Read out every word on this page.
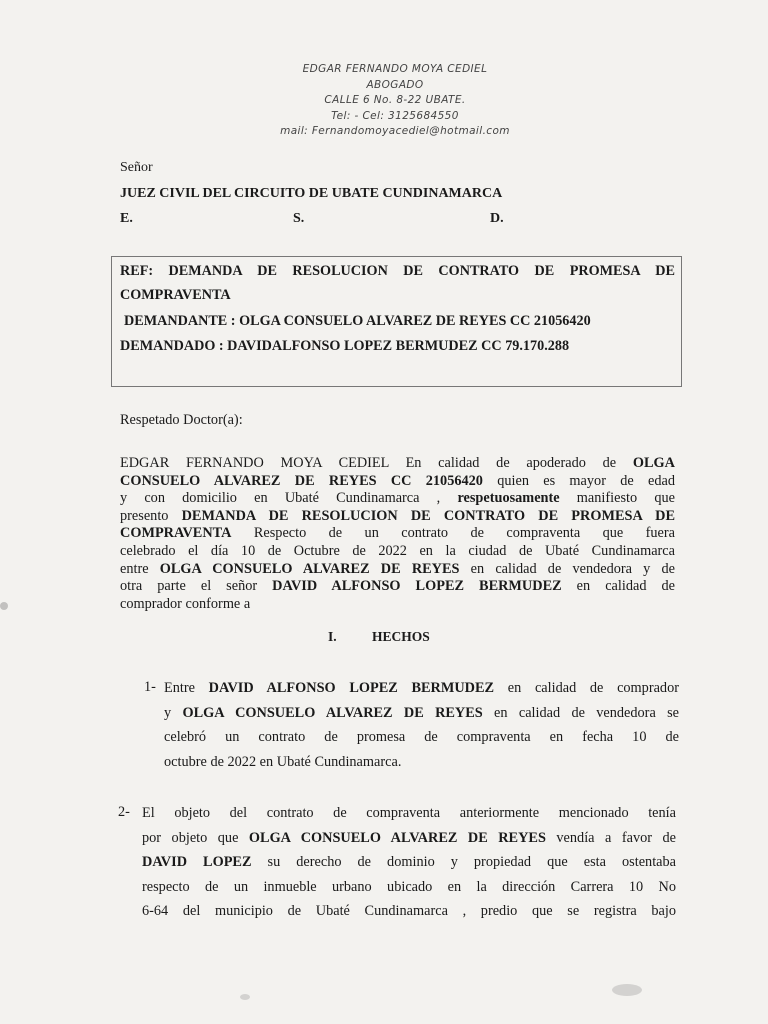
EDGAR FERNANDO MOYA CEDIEL
ABOGADO
CALLE 6 No. 8-22 UBATE.
Tel: - Cel: 3125684550
mail: Fernandomoyacediel@hotmail.com
Señor
JUEZ CIVIL DEL CIRCUITO DE UBATE CUNDINAMARCA
E.	S.	D.
REF: DEMANDA DE RESOLUCION DE CONTRATO DE PROMESA DE
COMPRAVENTA
DEMANDANTE : OLGA CONSUELO ALVAREZ DE REYES CC 21056420
DEMANDADO : DAVIDALFONSO LOPEZ BERMUDEZ CC 79.170.288
Respetado Doctor(a):
EDGAR FERNANDO MOYA CEDIEL En calidad de apoderado de OLGA
CONSUELO ALVAREZ DE REYES CC 21056420 quien es mayor de edad
y con domicilio en Ubaté Cundinamarca , respetuosamente manifiesto que
presento DEMANDA DE RESOLUCION DE CONTRATO DE PROMESA DE
COMPRAVENTA Respecto de un contrato de compraventa que fuera
celebrado el día 10 de Octubre de 2022 en la ciudad de Ubaté Cundinamarca
entre OLGA CONSUELO ALVAREZ DE REYES en calidad de vendedora y de
otra parte el señor DAVID ALFONSO LOPEZ BERMUDEZ en calidad de
comprador conforme a
I.	HECHOS
1- Entre DAVID ALFONSO LOPEZ BERMUDEZ en calidad de comprador
y OLGA CONSUELO ALVAREZ DE REYES en calidad de vendedora se
celebró un contrato de promesa de compraventa en fecha 10 de
octubre de 2022 en Ubaté Cundinamarca.
2- El objeto del contrato de compraventa anteriormente mencionado tenía
por objeto que OLGA CONSUELO ALVAREZ DE REYES vendía a favor de
DAVID LOPEZ su derecho de dominio y propiedad que esta ostentaba
respecto de un inmueble urbano ubicado en la dirección Carrera 10 No
6-64 del municipio de Ubaté Cundinamarca , predio que se registra bajo
